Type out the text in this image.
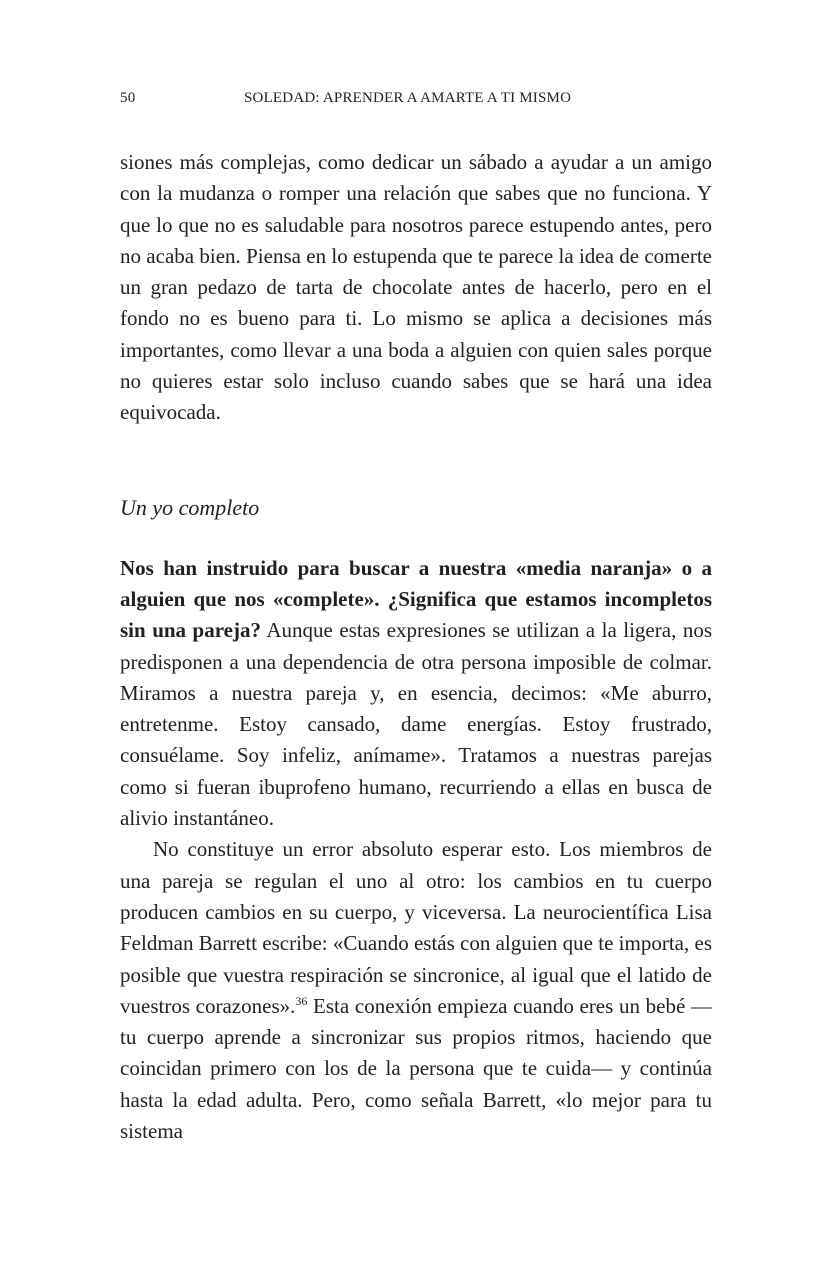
50	SOLEDAD: APRENDER A AMARTE A TI MISMO

siones más complejas, como dedicar un sábado a ayudar a un amigo con la mudanza o romper una relación que sabes que no funciona. Y que lo que no es saludable para nosotros parece estupendo antes, pero no acaba bien. Piensa en lo estupenda que te parece la idea de comerte un gran pedazo de tarta de chocolate antes de hacerlo, pero en el fondo no es bueno para ti. Lo mismo se aplica a decisiones más importantes, como llevar a una boda a alguien con quien sales porque no quieres estar solo incluso cuando sabes que se hará una idea equivocada.

Un yo completo

Nos han instruido para buscar a nuestra «media naranja» o a alguien que nos «complete». ¿Significa que estamos incompletos sin una pareja? Aunque estas expresiones se utilizan a la ligera, nos predisponen a una dependencia de otra persona imposible de colmar. Miramos a nuestra pareja y, en esencia, decimos: «Me aburro, entretenme. Estoy cansado, dame energías. Estoy frustrado, consuélame. Soy infeliz, anímame». Tratamos a nuestras parejas como si fueran ibuprofeno humano, recurriendo a ellas en busca de alivio instantáneo.

No constituye un error absoluto esperar esto. Los miembros de una pareja se regulan el uno al otro: los cambios en tu cuerpo producen cambios en su cuerpo, y viceversa. La neurocientífica Lisa Feldman Barrett escribe: «Cuando estás con alguien que te importa, es posible que vuestra respiración se sincronice, al igual que el latido de vuestros corazones».$^{36}$ Esta conexión empieza cuando eres un bebé —tu cuerpo aprende a sincronizar sus propios ritmos, haciendo que coincidan primero con los de la persona que te cuida— y continúa hasta la edad adulta. Pero, como señala Barrett, «lo mejor para tu sistema
